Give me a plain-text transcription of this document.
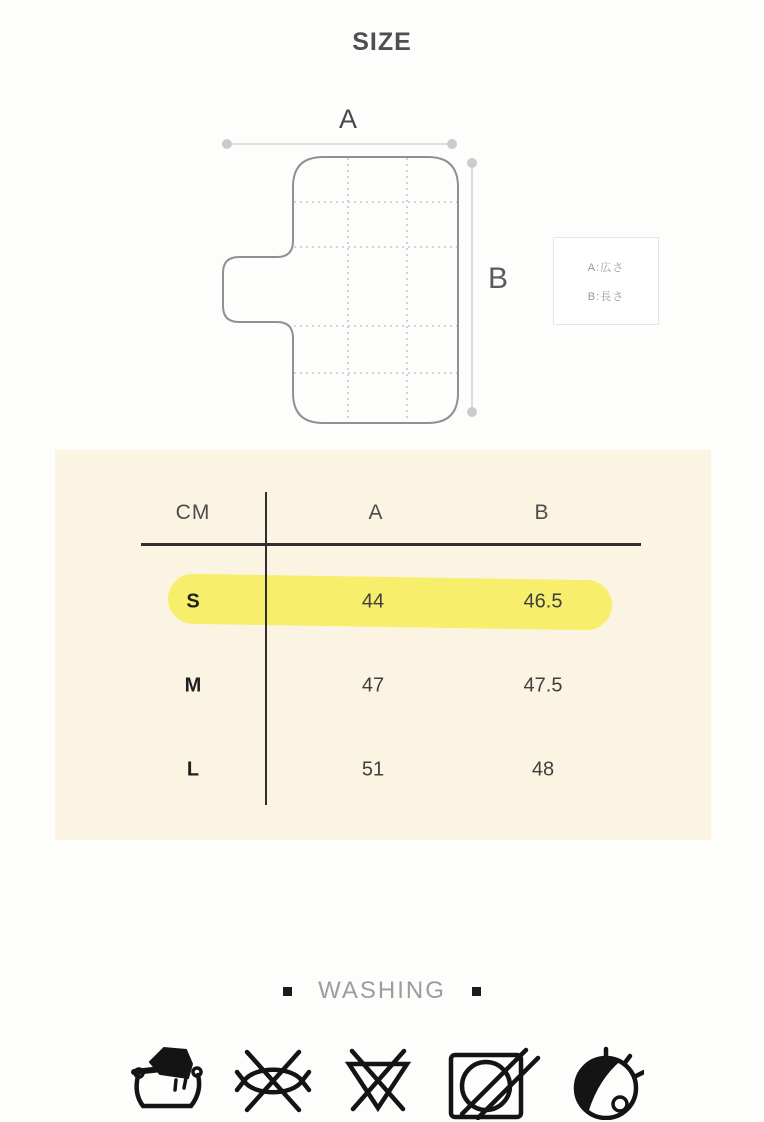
SIZE
A
B	A:広さ
B:長さ
CM	A	B
S	44	46.5
M	47	47.5
L	51	48
WASHING
